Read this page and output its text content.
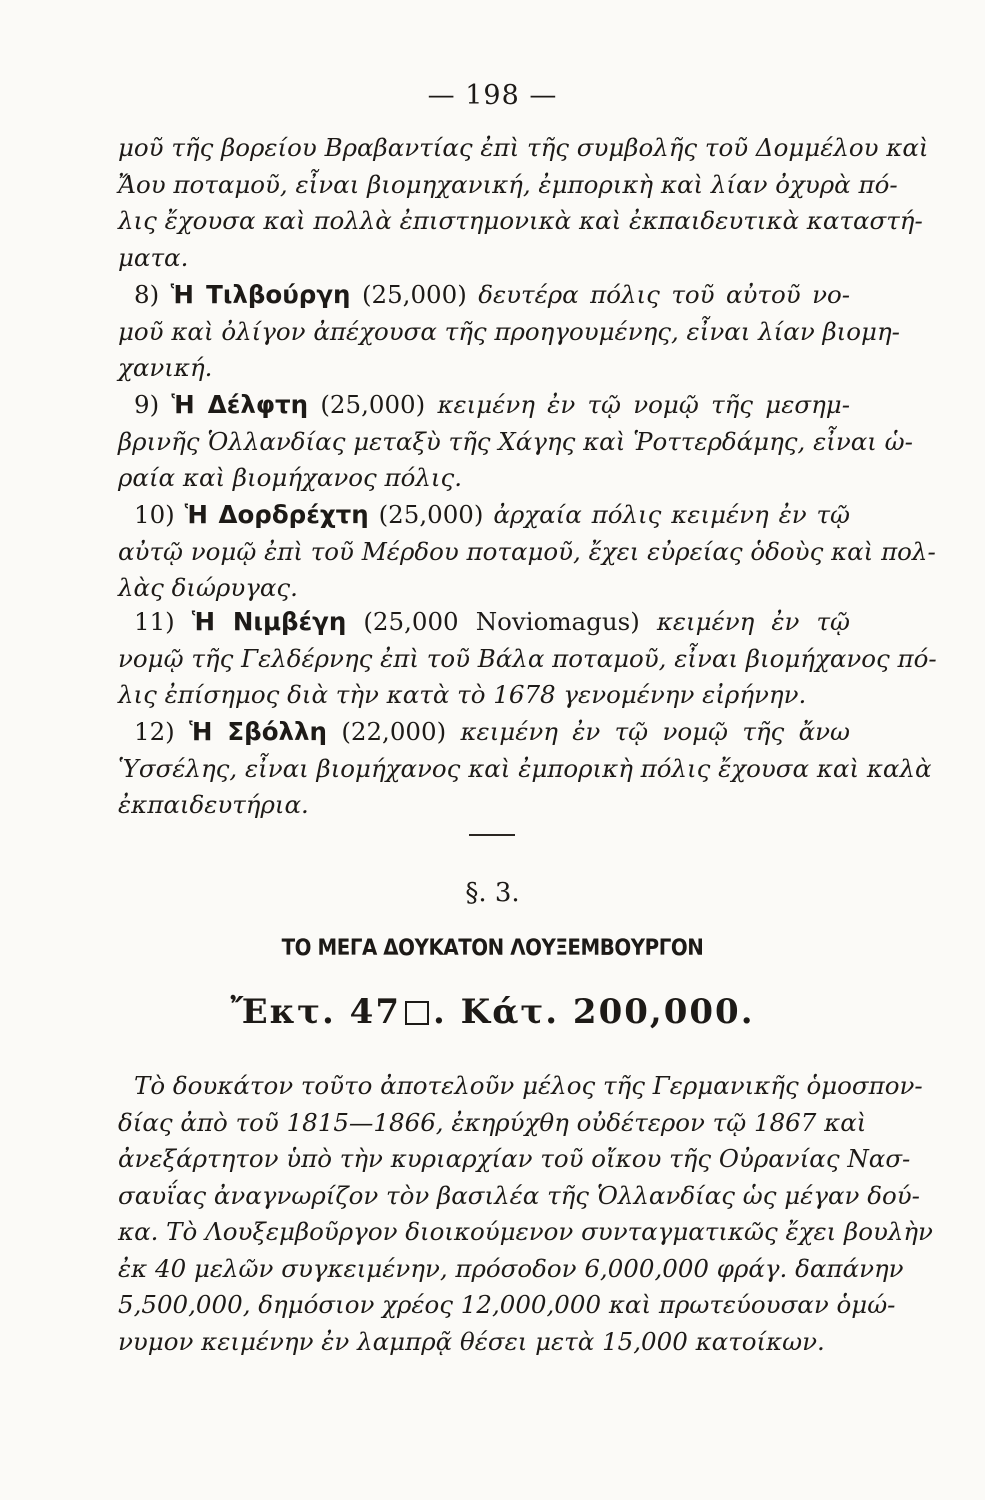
— 198 —
μοῦ τῆς βορείου Βραβαντίας ἐπὶ τῆς συμβολῆς τοῦ Δομμέλου καὶ
Ἄου ποταμοῦ, εἶναι βιομηχανική, ἐμπορικὴ καὶ λίαν ὀχυρὰ πό-
λις ἔχουσα καὶ πολλὰ ἐπιστημονικὰ καὶ ἐκπαιδευτικὰ καταστή-
ματα.
8) Ἡ Τιλβούργη (25,000) δευτέρα πόλις τοῦ αὐτοῦ νο-
μοῦ καὶ ὀλίγον ἀπέχουσα τῆς προηγουμένης, εἶναι λίαν βιομη-
χανική.
9) Ἡ Δέλφτη (25,000) κειμένη ἐν τῷ νομῷ τῆς μεσημ-
βρινῆς Ὁλλανδίας μεταξὺ τῆς Χάγης καὶ Ῥοττερδάμης, εἶναι ὡ-
ραία καὶ βιομήχανος πόλις.
10) Ἡ Δορδρέχτη (25,000) ἀρχαία πόλις κειμένη ἐν τῷ
αὐτῷ νομῷ ἐπὶ τοῦ Μέρδου ποταμοῦ, ἔχει εὐρείας ὁδοὺς καὶ πολ-
λὰς διώρυγας.
11) Ἡ Νιμβέγη (25,000 Noviomagus) κειμένη ἐν τῷ
νομῷ τῆς Γελδέρνης ἐπὶ τοῦ Βάλα ποταμοῦ, εἶναι βιομήχανος πό-
λις ἐπίσημος διὰ τὴν κατὰ τὸ 1678 γενομένην εἰρήνην.
12) Ἡ Σβόλλη (22,000) κειμένη ἐν τῷ νομῷ τῆς ἄνω
Ὑσσέλης, εἶναι βιομήχανος καὶ ἐμπορικὴ πόλις ἔχουσα καὶ καλὰ
ἐκπαιδευτήρια.
§. 3.
ΤΟ ΜΕΓΑ ΔΟΥΚΑΤΟΝ ΛΟΥΞΕΜΒΟΥΡΓΟΝ
Ἔκτ. 47 . Κάτ. 200,000.
Τὸ δουκάτον τοῦτο ἀποτελοῦν μέλος τῆς Γερμανικῆς ὁμοσπον-
δίας ἀπὸ τοῦ 1815—1866, ἐκηρύχθη οὐδέτερον τῷ 1867 καὶ
ἀνεξάρτητον ὑπὸ τὴν κυριαρχίαν τοῦ οἴκου τῆς Οὐρανίας Νασ-
σαυΐας ἀναγνωρίζον τὸν βασιλέα τῆς Ὁλλανδίας ὡς μέγαν δού-
κα. Τὸ Λουξεμβοῦργον διοικούμενον συνταγματικῶς ἔχει βουλὴν
ἐκ 40 μελῶν συγκειμένην, πρόσοδον 6,000,000 φράγ. δαπάνην
5,500,000, δημόσιον χρέος 12,000,000 καὶ πρωτεύουσαν ὁμώ-
νυμον κειμένην ἐν λαμπρᾷ θέσει μετὰ 15,000 κατοίκων.
